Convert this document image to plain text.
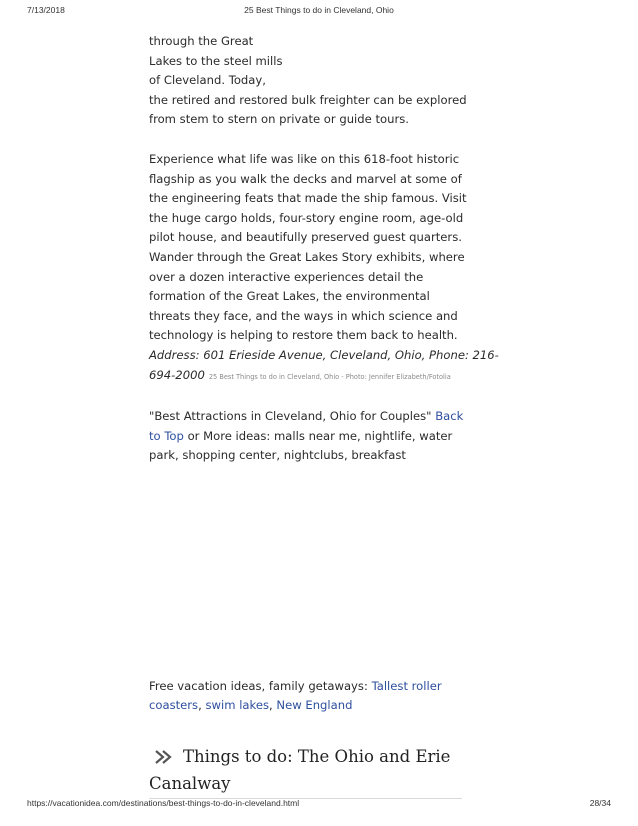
7/13/2018	25 Best Things to do in Cleveland, Ohio

through the Great
Lakes to the steel mills
of Cleveland. Today,
the retired and restored bulk freighter can be explored
from stem to stern on private or guide tours.

Experience what life was like on this 618-foot historic
flagship as you walk the decks and marvel at some of
the engineering feats that made the ship famous. Visit
the huge cargo holds, four-story engine room, age-old
pilot house, and beautifully preserved guest quarters.
Wander through the Great Lakes Story exhibits, where
over a dozen interactive experiences detail the
formation of the Great Lakes, the environmental
threats they face, and the ways in which science and
technology is helping to restore them back to health.
Address: 601 Erieside Avenue, Cleveland, Ohio, Phone: 216-
694-2000 25 Best Things to do in Cleveland, Ohio - Photo: Jennifer Elizabeth/Fotolia

"Best Attractions in Cleveland, Ohio for Couples" Back
to Top or More ideas: malls near me, nightlife, water
park, shopping center, nightclubs, breakfast

Free vacation ideas, family getaways: Tallest roller
coasters, swim lakes, New England

Things to do: The Ohio and Erie
Canalway
https://vacationidea.com/destinations/best-things-to-do-in-cleveland.html	28/34
